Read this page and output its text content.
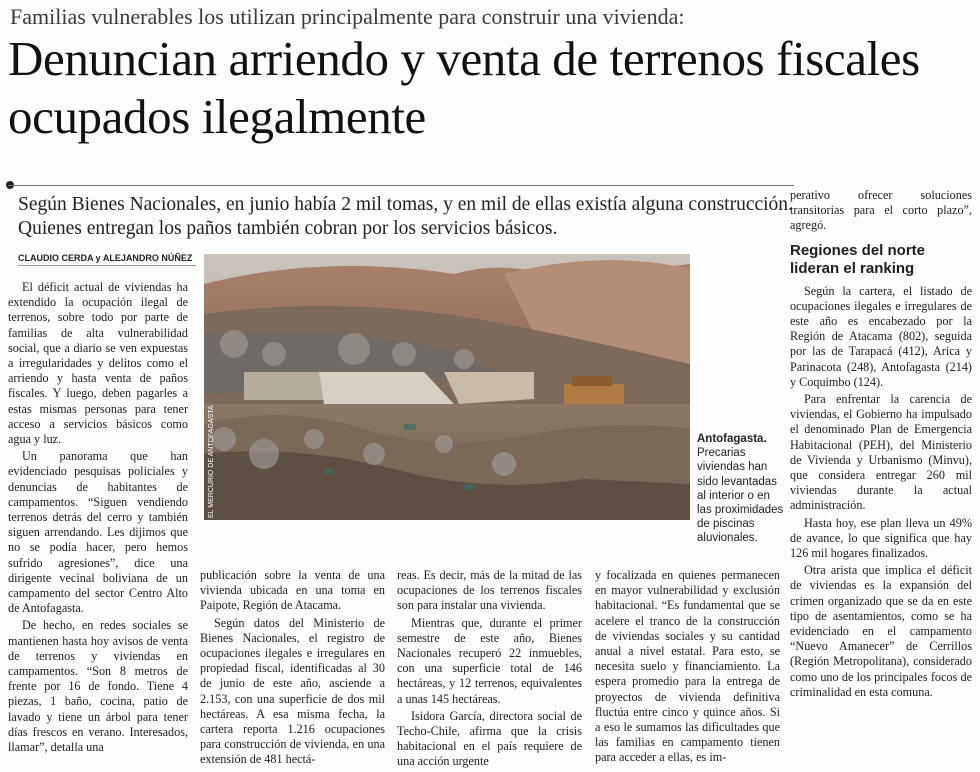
Familias vulnerables los utilizan principalmente para construir una vivienda:
Denuncian arriendo y venta de terrenos fiscales ocupados ilegalmente
Según Bienes Nacionales, en junio había 2 mil tomas, y en mil de ellas existía alguna construcción. Quienes entregan los paños también cobran por los servicios básicos.
CLAUDIO CERDA y ALEJANDRO NÚÑEZ

El déficit actual de viviendas ha extendido la ocupación ilegal de terrenos, sobre todo por parte de familias de alta vulnerabilidad social, que a diario se ven expuestas a irregularidades y delitos como el arriendo y hasta venta de paños fiscales. Y luego, deben pagarles a estas mismas personas para tener acceso a servicios básicos como agua y luz.

Un panorama que han evidenciado pesquisas policiales y denuncias de habitantes de campamentos. “Siguen vendiendo terrenos detrás del cerro y también siguen arrendando. Les dijimos que no se podía hacer, pero hemos sufrido agresiones”, dice una dirigente vecinal boliviana de un campamento del sector Centro Alto de Antofagasta.

De hecho, en redes sociales se mantienen hasta hoy avisos de venta de terrenos y viviendas en campamentos. “Son 8 metros de frente por 16 de fondo. Tiene 4 piezas, 1 baño, cocina, patio de lavado y tiene un árbol para tener días frescos en verano. Interesados, llamar”, detalla una

EL MERCURIO DE ANTOFAGASTA	Antofagasta. Precarias viviendas han sido levantadas al interior o en las proximidades de piscinas aluvionales.

publicación sobre la venta de una vivienda ubicada en una toma en Paipote, Región de Atacama.

Según datos del Ministerio de Bienes Nacionales, el registro de ocupaciones ilegales e irregulares en propiedad fiscal, identificadas al 30 de junio de este año, asciende a 2.153, con una superficie de dos mil hectáreas. A esa misma fecha, la cartera reporta 1.216 ocupaciones para construcción de vivienda, en una extensión de 481 hectá-

reas. Es decir, más de la mitad de las ocupaciones de los terrenos fiscales son para instalar una vivienda.

Mientras que, durante el primer semestre de este año, Bienes Nacionales recuperó 22 inmuebles, con una superficie total de 146 hectáreas, y 12 terrenos, equivalentes a unas 145 hectáreas.

Isidora García, directora social de Techo-Chile, afirma que la crisis habitacional en el país requiere de una acción urgente

y focalizada en quienes permanecen en mayor vulnerabilidad y exclusión habitacional. “Es fundamental que se acelere el tranco de la construcción de viviendas sociales y su cantidad anual a nivel estatal. Para esto, se necesita suelo y financiamiento. La espera promedio para la entrega de proyectos de vivienda definitiva fluctúa entre cinco y quince años. Si a eso le sumamos las dificultades que las familias en campamento tienen para acceder a ellas, es im-

perativo ofrecer soluciones transitorias para el corto plazo”, agregó.

Regiones del norte lideran el ranking

Según la cartera, el listado de ocupaciones ilegales e irregulares de este año es encabezado por la Región de Atacama (802), seguida por las de Tarapacá (412), Arica y Parinacota (248), Antofagasta (214) y Coquimbo (124).

Para enfrentar la carencia de viviendas, el Gobierno ha impulsado el denominado Plan de Emergencia Habitacional (PEH), del Ministerio de Vivienda y Urbanismo (Minvu), que considera entregar 260 mil viviendas durante la actual administración.

Hasta hoy, ese plan lleva un 49% de avance, lo que significa que hay 126 mil hogares finalizados.

Otra arista que implica el déficit de viviendas es la expansión del crimen organizado que se da en este tipo de asentamientos, como se ha evidenciado en el campamento “Nuevo Amanecer” de Cerrillos (Región Metropolitana), considerado como uno de los principales focos de criminalidad en esta comuna.
